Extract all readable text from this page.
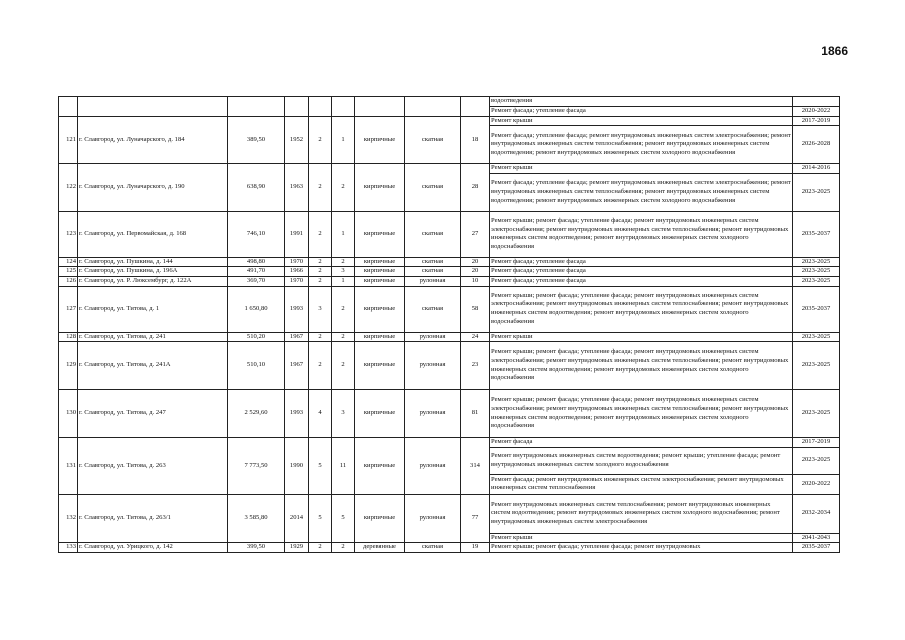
1866
									водоотведения	
									Ремонт фасада; утепление фасада	2020-2022
121	г. Славгород, ул. Луначарского, д. 184	389,50	1952	2	1	кирпичные	скатная	18	Ремонт крыши	2017-2019
									Ремонт фасада; утепление фасада; ремонт внутридомовых инженерных систем электроснабжения; ремонт внутридомовых инженерных систем теплоснабжения; ремонт внутридомовых инженерных систем водоотведения; ремонт внутридомовых инженерных систем холодного водоснабжения	2026-2028
122	г. Славгород, ул. Луначарского, д. 190	638,90	1963	2	2	кирпичные	скатная	28	Ремонт крыши	2014-2016
									Ремонт фасада; утепление фасада; ремонт внутридомовых инженерных систем электроснабжения; ремонт внутридомовых инженерных систем теплоснабжения; ремонт внутридомовых инженерных систем водоотведения; ремонт внутридомовых инженерных систем холодного водоснабжения	2023-2025
123	г. Славгород, ул. Первомайская, д. 168	746,10	1991	2	1	кирпичные	скатная	27	Ремонт крыши; ремонт фасада; утепление фасада; ремонт внутридомовых инженерных систем электроснабжения; ремонт внутридомовых инженерных систем теплоснабжения; ремонт внутридомовых инженерных систем водоотведения; ремонт внутридомовых инженерных систем холодного водоснабжения	2035-2037
124	г. Славгород, ул. Пушкина, д. 144	498,80	1970	2	2	кирпичные	скатная	20	Ремонт фасада; утепление фасада	2023-2025
125	г. Славгород, ул. Пушкина, д. 196А	491,70	1966	2	3	кирпичные	скатная	20	Ремонт фасада; утепление фасада	2023-2025
126	г. Славгород, ул. Р. Люксембург, д. 122А	369,70	1970	2	1	кирпичные	рулонная	10	Ремонт фасада; утепление фасада	2023-2025
127	г. Славгород, ул. Титова, д. 1	1 650,80	1993	3	2	кирпичные	скатная	58	Ремонт крыши; ремонт фасада; утепление фасада; ремонт внутридомовых инженерных систем электроснабжения; ремонт внутридомовых инженерных систем теплоснабжения; ремонт внутридомовых инженерных систем водоотведения; ремонт внутридомовых инженерных систем холодного водоснабжения	2035-2037
128	г. Славгород, ул. Титова, д. 241	510,20	1967	2	2	кирпичные	рулонная	24	Ремонт крыши	2023-2025
129	г. Славгород, ул. Титова, д. 241А	510,10	1967	2	2	кирпичные	рулонная	23	Ремонт крыши; ремонт фасада; утепление фасада; ремонт внутридомовых инженерных систем электроснабжения; ремонт внутридомовых инженерных систем теплоснабжения; ремонт внутридомовых инженерных систем водоотведения; ремонт внутридомовых инженерных систем холодного водоснабжения	2023-2025
130	г. Славгород, ул. Титова, д. 247	2 529,60	1993	4	3	кирпичные	рулонная	81	Ремонт крыши; ремонт фасада; утепление фасада; ремонт внутридомовых инженерных систем электроснабжения; ремонт внутридомовых инженерных систем теплоснабжения; ремонт внутридомовых инженерных систем водоотведения; ремонт внутридомовых инженерных систем холодного водоснабжения	2023-2025
131	г. Славгород, ул. Титова, д. 263	7 773,50	1990	5	11	кирпичные	рулонная	314	Ремонт фасада	2017-2019
									Ремонт внутридомовых инженерных систем водоотведения; ремонт крыши; утепление фасада; ремонт внутридомовых инженерных систем холодного водоснабжения	2023-2025
									Ремонт фасада; ремонт внутридомовых инженерных систем электроснабжения; ремонт внутридомовых инженерных систем теплоснабжения	2020-2022
132	г. Славгород, ул. Титова, д. 263/1	3 585,80	2014	5	5	кирпичные	рулонная	77	Ремонт внутридомовых инженерных систем теплоснабжения; ремонт внутридомовых инженерных систем водоотведения; ремонт внутридомовых инженерных систем холодного водоснабжения; ремонт внутридомовых инженерных систем электроснабжения	2032-2034
									Ремонт крыши	2041-2043
133	г. Славгород, ул. Урицкого, д. 142	399,50	1929	2	2	деревянные	скатная	19	Ремонт крыши; ремонт фасада; утепление фасада; ремонт внутридомовых	2035-2037
